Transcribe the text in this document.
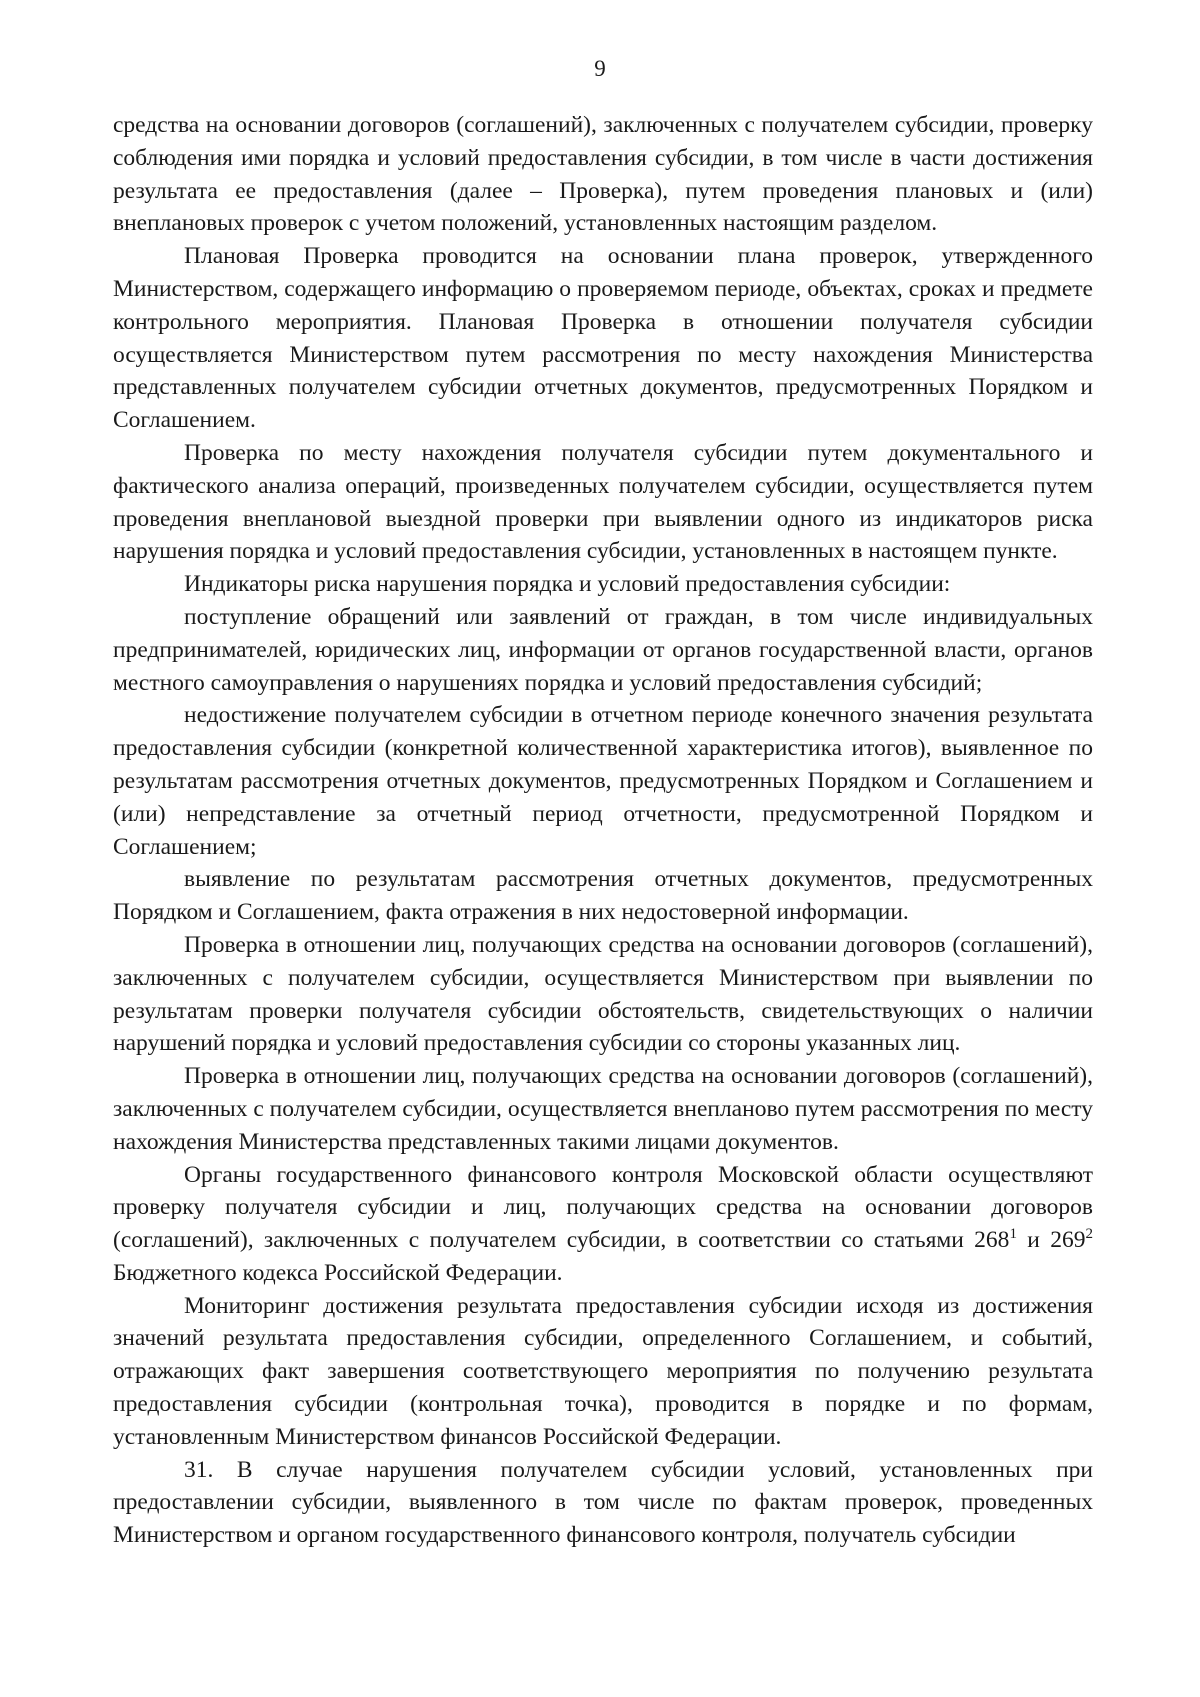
9

средства на основании договоров (соглашений), заключенных с получателем субсидии, проверку соблюдения ими порядка и условий предоставления субсидии, в том числе в части достижения результата ее предоставления (далее – Проверка), путем проведения плановых и (или) внеплановых проверок с учетом положений, установленных настоящим разделом.

Плановая Проверка проводится на основании плана проверок, утвержденного Министерством, содержащего информацию о проверяемом периоде, объектах, сроках и предмете контрольного мероприятия. Плановая Проверка в отношении получателя субсидии осуществляется Министерством путем рассмотрения по месту нахождения Министерства представленных получателем субсидии отчетных документов, предусмотренных Порядком и Соглашением.

Проверка по месту нахождения получателя субсидии путем документального и фактического анализа операций, произведенных получателем субсидии, осуществляется путем проведения внеплановой выездной проверки при выявлении одного из индикаторов риска нарушения порядка и условий предоставления субсидии, установленных в настоящем пункте.

Индикаторы риска нарушения порядка и условий предоставления субсидии:

поступление обращений или заявлений от граждан, в том числе индивидуальных предпринимателей, юридических лиц, информации от органов государственной власти, органов местного самоуправления о нарушениях порядка и условий предоставления субсидий;

недостижение получателем субсидии в отчетном периоде конечного значения результата предоставления субсидии (конкретной количественной характеристика итогов), выявленное по результатам рассмотрения отчетных документов, предусмотренных Порядком и Соглашением и (или) непредставление за отчетный период отчетности, предусмотренной Порядком и Соглашением;

выявление по результатам рассмотрения отчетных документов, предусмотренных Порядком и Соглашением, факта отражения в них недостоверной информации.

Проверка в отношении лиц, получающих средства на основании договоров (соглашений), заключенных с получателем субсидии, осуществляется Министерством при выявлении по результатам проверки получателя субсидии обстоятельств, свидетельствующих о наличии нарушений порядка и условий предоставления субсидии со стороны указанных лиц.

Проверка в отношении лиц, получающих средства на основании договоров (соглашений), заключенных с получателем субсидии, осуществляется внепланово путем рассмотрения по месту нахождения Министерства представленных такими лицами документов.

Органы государственного финансового контроля Московской области осуществляют проверку получателя субсидии и лиц, получающих средства на основании договоров (соглашений), заключенных с получателем субсидии, в соответствии со статьями $268^1$ и $269^2$ Бюджетного кодекса Российской Федерации.

Мониторинг достижения результата предоставления субсидии исходя из достижения значений результата предоставления субсидии, определенного Соглашением, и событий, отражающих факт завершения соответствующего мероприятия по получению результата предоставления субсидии (контрольная точка), проводится в порядке и по формам, установленным Министерством финансов Российской Федерации.

31. В случае нарушения получателем субсидии условий, установленных при предоставлении субсидии, выявленного в том числе по фактам проверок, проведенных Министерством и органом государственного финансового контроля, получатель субсидии
